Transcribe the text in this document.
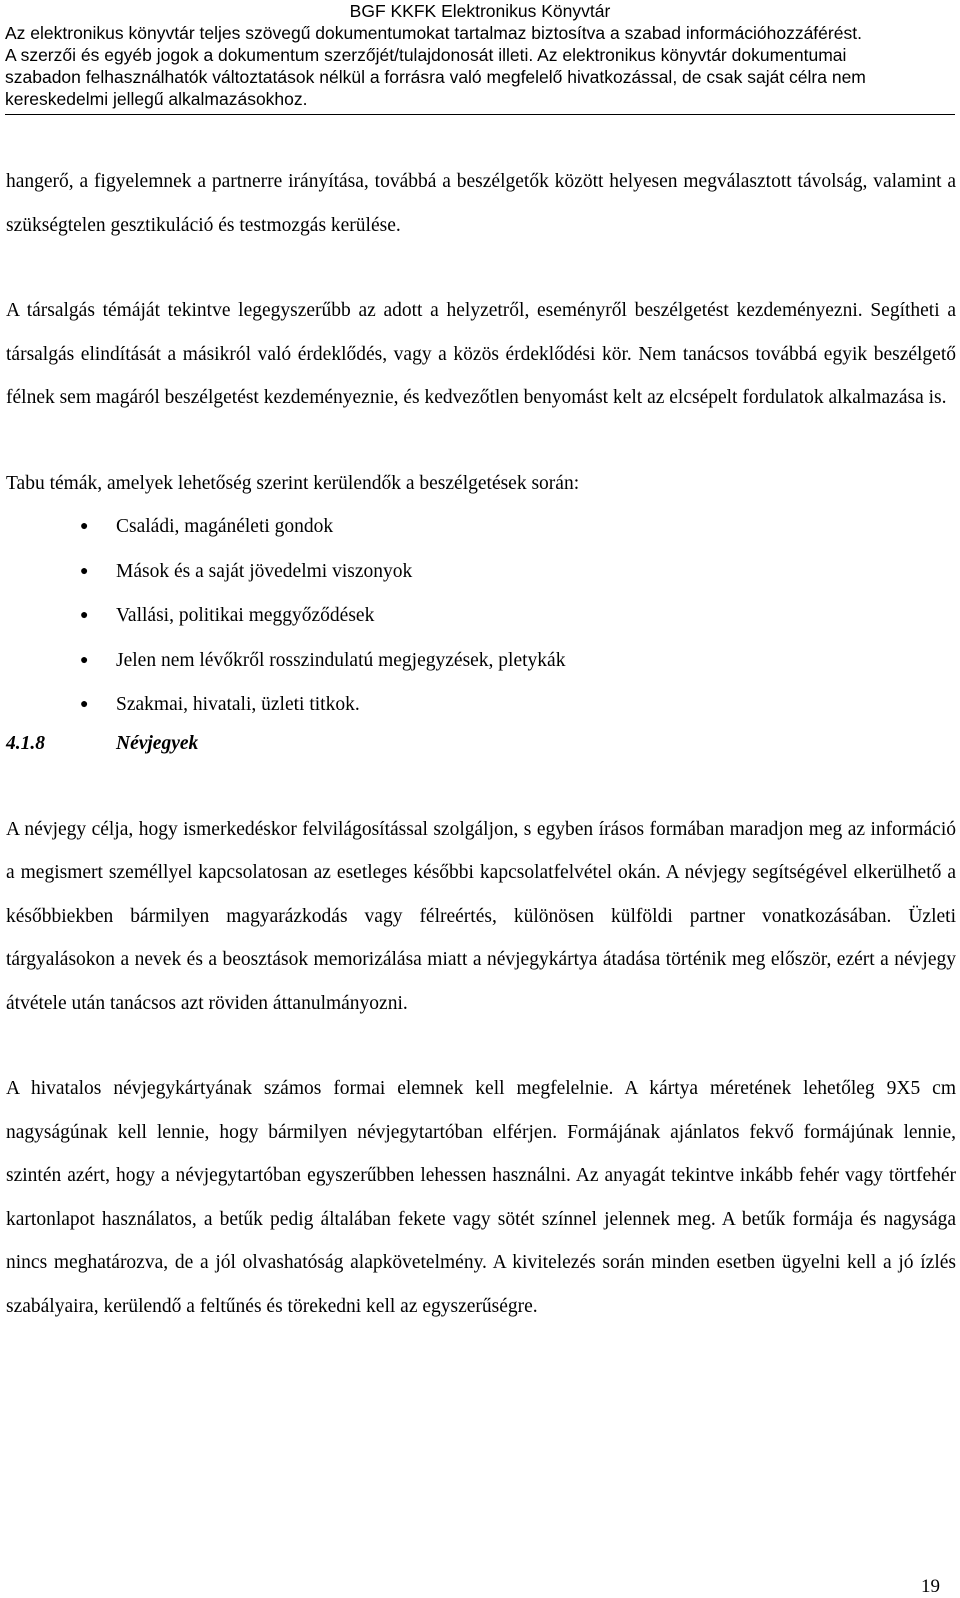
BGF KKFK Elektronikus Könyvtár
Az elektronikus könyvtár teljes szövegű dokumentumokat tartalmaz biztosítva a szabad információhozzáférést.
A szerzői és egyéb jogok a dokumentum szerzőjét/tulajdonosát illeti. Az elektronikus könyvtár dokumentumai
szabadon felhasználhatók változtatások nélkül a forrásra való megfelelő hivatkozással, de csak saját célra nem
kereskedelmi jellegű alkalmazásokhoz.

hangerő, a figyelemnek a partnerre irányítása, továbbá a beszélgetők között helyesen megválasztott távolság, valamint a szükségtelen gesztikuláció és testmozgás kerülése.

A társalgás témáját tekintve legegyszerűbb az adott a helyzetről, eseményről beszélgetést kezdeményezni. Segítheti a társalgás elindítását a másikról való érdeklődés, vagy a közös érdeklődési kör. Nem tanácsos továbbá egyik beszélgető félnek sem magáról beszélgetést kezdeményeznie, és kedvezőtlen benyomást kelt az elcsépelt fordulatok alkalmazása is.

Tabu témák, amelyek lehetőség szerint kerülendők a beszélgetések során:

● Családi, magánéleti gondok
● Mások és a saját jövedelmi viszonyok
● Vallási, politikai meggyőződések
● Jelen nem lévőkről rosszindulatú megjegyzések, pletykák
● Szakmai, hivatali, üzleti titkok.
4.1.8	Névjegyek

A névjegy célja, hogy ismerkedéskor felvilágosítással szolgáljon, s egyben írásos formában maradjon meg az információ a megismert személlyel kapcsolatosan az esetleges későbbi kapcsolatfelvétel okán. A névjegy segítségével elkerülhető a későbbiekben bármilyen magyarázkodás vagy félreértés, különösen külföldi partner vonatkozásában. Üzleti tárgyalásokon a nevek és a beosztások memorizálása miatt a névjegykártya átadása történik meg először, ezért a névjegy átvétele után tanácsos azt röviden áttanulmányozni.

A hivatalos névjegykártyának számos formai elemnek kell megfelelnie. A kártya méretének lehetőleg 9X5 cm nagyságúnak kell lennie, hogy bármilyen névjegytartóban elférjen. Formájának ajánlatos fekvő formájúnak lennie, szintén azért, hogy a névjegytartóban egyszerűbben lehessen használni. Az anyagát tekintve inkább fehér vagy törtfehér kartonlapot használatos, a betűk pedig általában fekete vagy sötét színnel jelennek meg. A betűk formája és nagysága nincs meghatározva, de a jól olvashatóság alapkövetelmény. A kivitelezés során minden esetben ügyelni kell a jó ízlés szabályaira, kerülendő a feltűnés és törekedni kell az egyszerűségre.

19
